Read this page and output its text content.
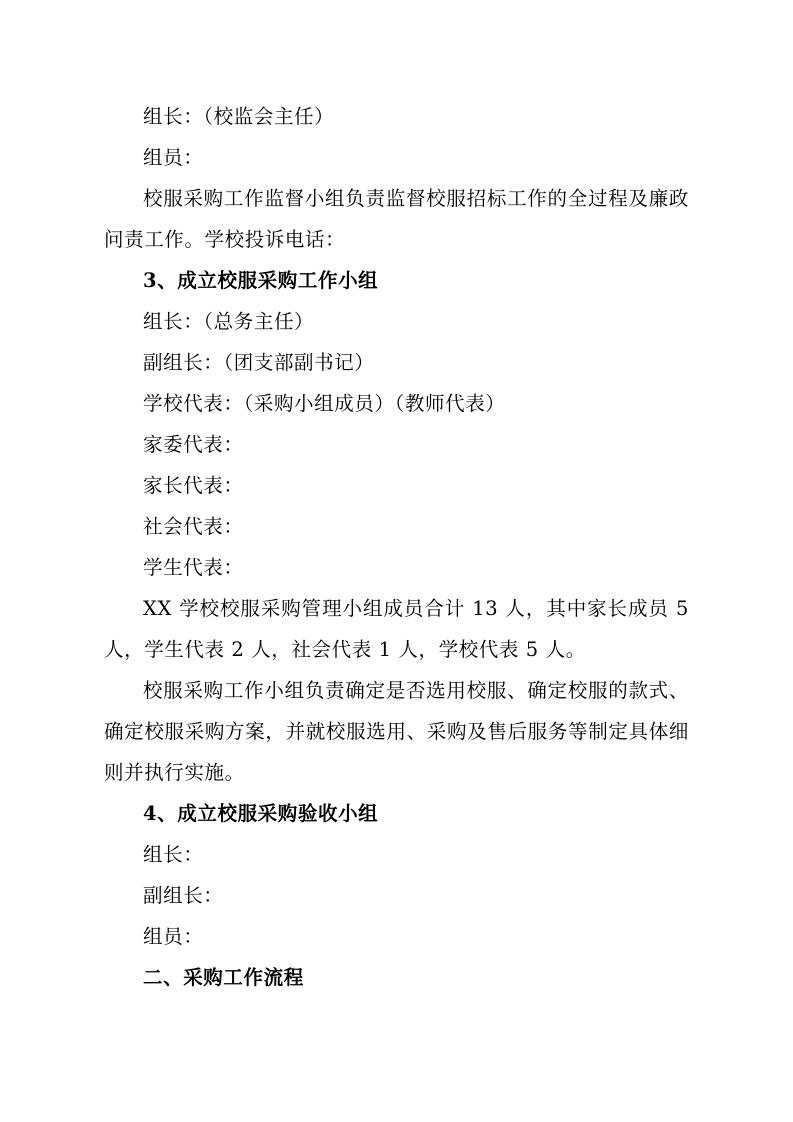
组长：（校监会主任）

组员：

校服采购工作监督小组负责监督校服招标工作的全过程及廉政问责工作。学校投诉电话：

3、成立校服采购工作小组

组长：（总务主任）

副组长：（团支部副书记）

学校代表：（采购小组成员）（教师代表）

家委代表：

家长代表：

社会代表：

学生代表：

XX 学校校服采购管理小组成员合计 13 人，其中家长成员 5 人，学生代表 2 人，社会代表 1 人，学校代表 5 人。

校服采购工作小组负责确定是否选用校服、确定校服的款式、确定校服采购方案，并就校服选用、采购及售后服务等制定具体细则并执行实施。

4、成立校服采购验收小组

组长：

副组长：

组员：

二、采购工作流程
